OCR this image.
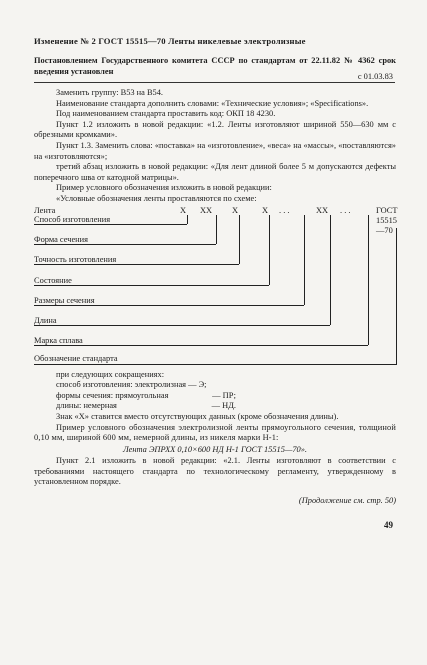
Изменение № 2 ГОСТ 15515—70 Ленты никелевые электролизные
Постановлением Государственного комитета СССР по стандартам от 22.11.82 № 4362 срок введения установлен
с 01.03.83

Заменить группу: В53 на В54.

Наименование стандарта дополнить словами: «Технические условия»; «Specifications».

Под наименованием стандарта проставить код: ОКП 18 4230.

Пункт 1.2 изложить в новой редакции: «1.2. Ленты изготовляют шириной 550—630 мм с обрезными кромками».

Пункт 1.3. Заменить слова: «поставка» на «изготовление», «веса» на «массы», «поставляются» на «изготовляются»;

третий абзац изложить в новой редакции: «Для лент длиной более 5 м допускаются дефекты поперечного шва от катодной матрицы».

Пример условного обозначения изложить в новой редакции:

«Условные обозначения ленты проставляются по схеме:

Лента	X XX X	X . . .	XX . . .	ГОСТ
15515—70
Способ изготовления
Форма сечения
Точность изготовления
Состояние
Размеры сечения
Длина
Марка сплава
Обозначение стандарта
при следующих сокращениях:
способ изготовления: электролизная — Э;
формы сечения: прямоугольная	— ПР;
длины: немерная	— НД.

Знак «Х» ставится вместо отсутствующих данных (кроме обозначения длины).

Пример условного обозначения электролизной ленты прямоугольного сечения, толщиной 0,10 мм, шириной 600 мм, немерной длины, из никеля марки Н-1:

Лента ЭПРХХ 0,10×600 НД Н-1 ГОСТ 15515—70».

Пункт 2.1 изложить в новой редакции: «2.1. Ленты изготовляют в соответствии с требованиями настоящего стандарта по технологическому регламенту, утвержденному в установленном порядке.

(Продолжение см. стр. 50)

49
